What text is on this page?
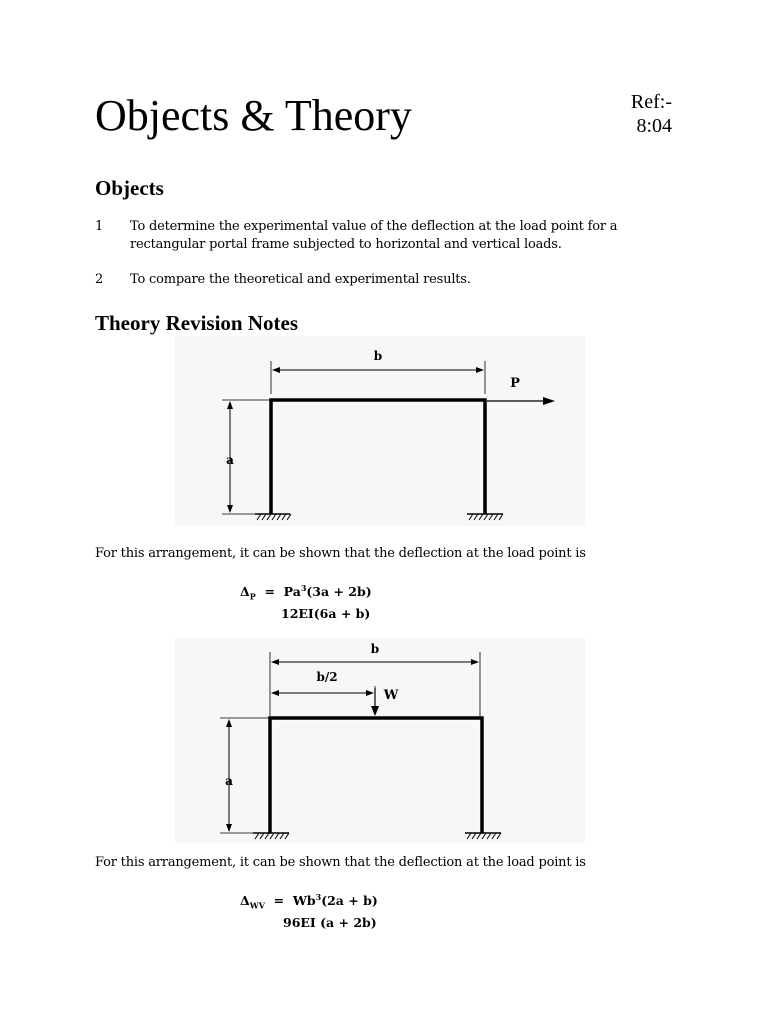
Objects & Theory	Ref:-
8:04
Objects
1 To determine the experimental value of the deflection at the load point for a rectangular portal frame subjected to horizontal and vertical loads.
2 To compare the theoretical and experimental results.
Theory Revision Notes
b
P
a
For this arrangement, it can be shown that the deflection at the load point is
$\Delta_P = Pa^3(3a + 2b)$
12EI(6a + b)
b
b/2
W
a
For this arrangement, it can be shown that the deflection at the load point is
$\Delta_{WV} = Wb^3(2a + b)$
96EI (a + 2b)
